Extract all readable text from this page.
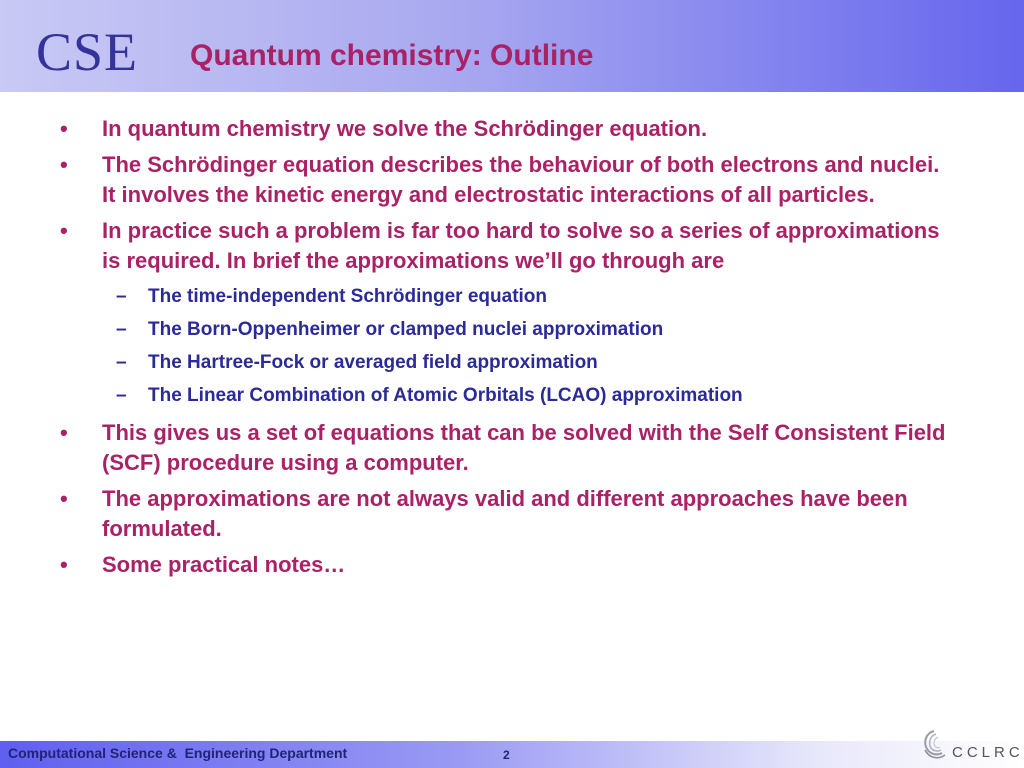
CSE Quantum chemistry: Outline
• In quantum chemistry we solve the Schrödinger equation.
• The Schrödinger equation describes the behaviour of both electrons and nuclei. It involves the kinetic energy and electrostatic interactions of all particles.
• In practice such a problem is far too hard to solve so a series of approximations is required. In brief the approximations we’ll go through are
– The time-independent Schrödinger equation
– The Born-Oppenheimer or clamped nuclei approximation
– The Hartree-Fock or averaged field approximation
– The Linear Combination of Atomic Orbitals (LCAO) approximation
• This gives us a set of equations that can be solved with the Self Consistent Field (SCF) procedure using a computer.
• The approximations are not always valid and different approaches have been formulated.
• Some practical notes…
Computational Science &  Engineering Department	2	CCLRC
